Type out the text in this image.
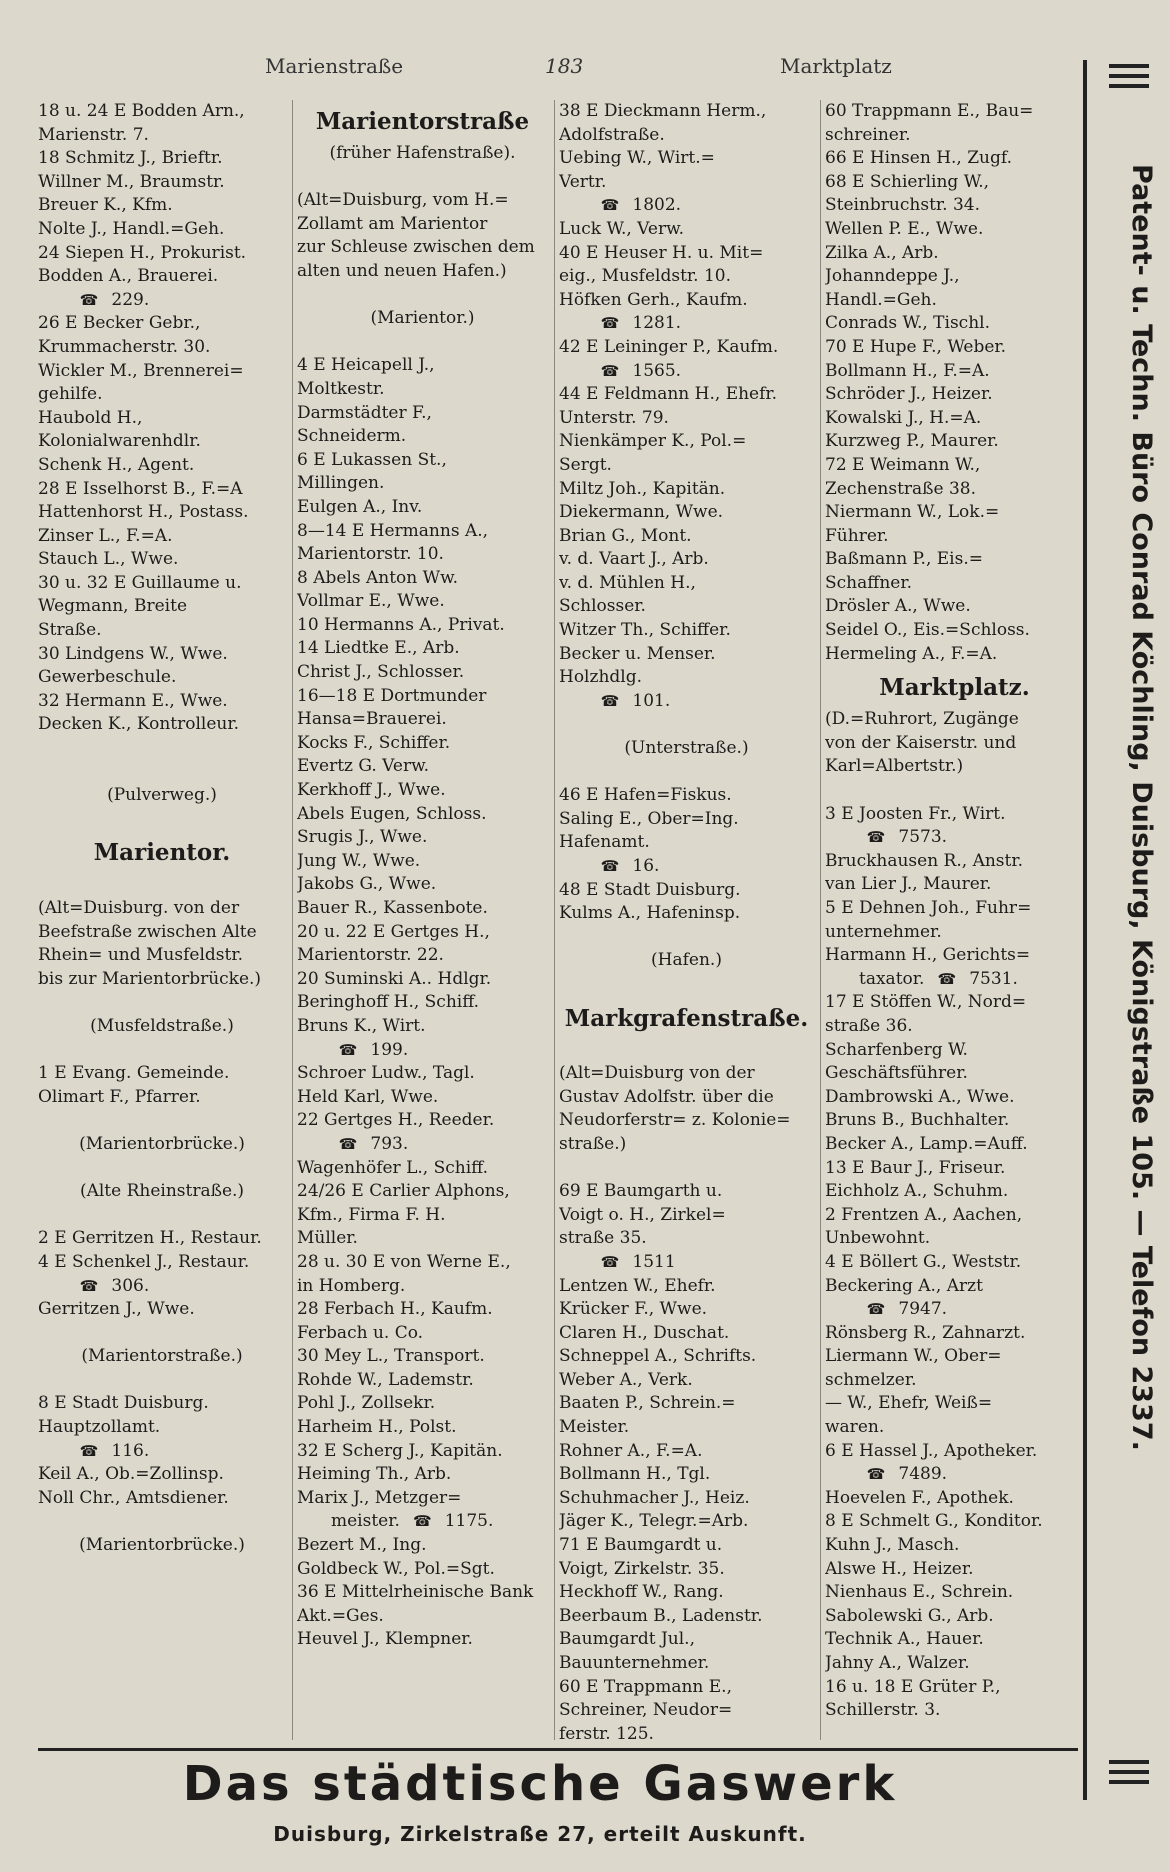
Marienstraße	183	Marktplatz
18 u. 24 E Bodden Arn.,
Marienstr. 7.
18 Schmitz J., Brieftr.
Willner M., Braumstr.
Breuer K., Kfm.
Nolte J., Handl.=Geh.
24 Siepen H., Prokurist.
Bodden A., Brauerei.
☎ 229.
26 E Becker Gebr.,
Krummacherstr. 30.
Wickler M., Brennerei=
gehilfe.
Haubold H.,
Kolonialwarenhdlr.
Schenk H., Agent.
28 E Isselhorst B., F.=A
Hattenhorst H., Postass.
Zinser L., F.=A.
Stauch L., Wwe.
30 u. 32 E Guillaume u.
Wegmann, Breite
Straße.
30 Lindgens W., Wwe.
Gewerbeschule.
32 Hermann E., Wwe.
Decken K., Kontrolleur.
(Pulverweg.)
Marientor.
(Alt=Duisburg. von der
Beefstraße zwischen Alte
Rhein= und Musfeldstr.
bis zur Marientorbrücke.)
(Musfeldstraße.)
1 E Evang. Gemeinde.
Olimart F., Pfarrer.
(Marientorbrücke.)
(Alte Rheinstraße.)
2 E Gerritzen H., Restaur.
4 E Schenkel J., Restaur.
☎ 306.
Gerritzen J., Wwe.
(Marientorstraße.)
8 E Stadt Duisburg.
Hauptzollamt.
☎ 116.
Keil A., Ob.=Zollinsp.
Noll Chr., Amtsdiener.
(Marientorbrücke.)
Marientorstraße
(früher Hafenstraße).
(Alt=Duisburg, vom H.=
Zollamt am Marientor
zur Schleuse zwischen dem
alten und neuen Hafen.)
(Marientor.)
4 E Heicapell J.,
Moltkestr.
Darmstädter F.,
Schneiderm.
6 E Lukassen St.,
Millingen.
Eulgen A., Inv.
8—14 E Hermanns A.,
Marientorstr. 10.
8 Abels Anton Ww.
Vollmar E., Wwe.
10 Hermanns A., Privat.
14 Liedtke E., Arb.
Christ J., Schlosser.
16—18 E Dortmunder
Hansa=Brauerei.
Kocks F., Schiffer.
Evertz G. Verw.
Kerkhoff J., Wwe.
Abels Eugen, Schloss.
Srugis J., Wwe.
Jung W., Wwe.
Jakobs G., Wwe.
Bauer R., Kassenbote.
20 u. 22 E Gertges H.,
Marientorstr. 22.
20 Suminski A.. Hdlgr.
Beringhoff H., Schiff.
Bruns K., Wirt.
☎ 199.
Schroer Ludw., Tagl.
Held Karl, Wwe.
22 Gertges H., Reeder.
☎ 793.
Wagenhöfer L., Schiff.
24/26 E Carlier Alphons,
Kfm., Firma F. H.
Müller.
28 u. 30 E von Werne E.,
in Homberg.
28 Ferbach H., Kaufm.
Ferbach u. Co.
30 Mey L., Transport.
Rohde W., Lademstr.
Pohl J., Zollsekr.
Harheim H., Polst.
32 E Scherg J., Kapitän.
Heiming Th., Arb.
Marix J., Metzger=
meister. ☎ 1175.
Bezert M., Ing.
Goldbeck W., Pol.=Sgt.
36 E Mittelrheinische Bank
Akt.=Ges.
Heuvel J., Klempner.
38 E Dieckmann Herm.,
Adolfstraße.
Uebing W., Wirt.=
Vertr.
☎ 1802.
Luck W., Verw.
40 E Heuser H. u. Mit=
eig., Musfeldstr. 10.
Höfken Gerh., Kaufm.
☎ 1281.
42 E Leininger P., Kaufm.
☎ 1565.
44 E Feldmann H., Ehefr.
Unterstr. 79.
Nienkämper K., Pol.=
Sergt.
Miltz Joh., Kapitän.
Diekermann, Wwe.
Brian G., Mont.
v. d. Vaart J., Arb.
v. d. Mühlen H.,
Schlosser.
Witzer Th., Schiffer.
Becker u. Menser.
Holzhdlg.
☎ 101.
(Unterstraße.)
46 E Hafen=Fiskus.
Saling E., Ober=Ing.
Hafenamt.
☎ 16.
48 E Stadt Duisburg.
Kulms A., Hafeninsp.
(Hafen.)
Markgrafenstraße.
(Alt=Duisburg von der
Gustav Adolfstr. über die
Neudorferstr= z. Kolonie=
straße.)
69 E Baumgarth u.
Voigt o. H., Zirkel=
straße 35.
☎ 1511
Lentzen W., Ehefr.
Krücker F., Wwe.
Claren H., Duschat.
Schneppel A., Schrifts.
Weber A., Verk.
Baaten P., Schrein.=
Meister.
Rohner A., F.=A.
Bollmann H., Tgl.
Schuhmacher J., Heiz.
Jäger K., Telegr.=Arb.
71 E Baumgardt u.
Voigt, Zirkelstr. 35.
Heckhoff W., Rang.
Beerbaum B., Ladenstr.
Baumgardt Jul.,
Bauunternehmer.
60 E Trappmann E.,
Schreiner, Neudor=
ferstr. 125.
60 Trappmann E., Bau=
schreiner.
66 E Hinsen H., Zugf.
68 E Schierling W.,
Steinbruchstr. 34.
Wellen P. E., Wwe.
Zilka A., Arb.
Johanndeppe J.,
Handl.=Geh.
Conrads W., Tischl.
70 E Hupe F., Weber.
Bollmann H., F.=A.
Schröder J., Heizer.
Kowalski J., H.=A.
Kurzweg P., Maurer.
72 E Weimann W.,
Zechenstraße 38.
Niermann W., Lok.=
Führer.
Baßmann P., Eis.=
Schaffner.
Drösler A., Wwe.
Seidel O., Eis.=Schloss.
Hermeling A., F.=A.
Marktplatz.
(D.=Ruhrort, Zugänge
von der Kaiserstr. und
Karl=Albertstr.)
3 E Joosten Fr., Wirt.
☎ 7573.
Bruckhausen R., Anstr.
van Lier J., Maurer.
5 E Dehnen Joh., Fuhr=
unternehmer.
Harmann H., Gerichts=
taxator. ☎ 7531.
17 E Stöffen W., Nord=
straße 36.
Scharfenberg W.
Geschäftsführer.
Dambrowski A., Wwe.
Bruns B., Buchhalter.
Becker A., Lamp.=Auff.
13 E Baur J., Friseur.
Eichholz A., Schuhm.
2 Frentzen A., Aachen,
Unbewohnt.
4 E Böllert G., Weststr.
Beckering A., Arzt
☎ 7947.
Rönsberg R., Zahnarzt.
Liermann W., Ober=
schmelzer.
— W., Ehefr, Weiß=
waren.
6 E Hassel J., Apotheker.
☎ 7489.
Hoevelen F., Apothek.
8 E Schmelt G., Konditor.
Kuhn J., Masch.
Alswe H., Heizer.
Nienhaus E., Schrein.
Sabolewski G., Arb.
Technik A., Hauer.
Jahny A., Walzer.
16 u. 18 E Grüter P.,
Schillerstr. 3.
Patent- u. Techn. Büro Conrad Köchling, Duisburg, Königstraße 105. — Telefon 2337.
Das städtische Gaswerk
Duisburg, Zirkelstraße 27, erteilt Auskunft.
